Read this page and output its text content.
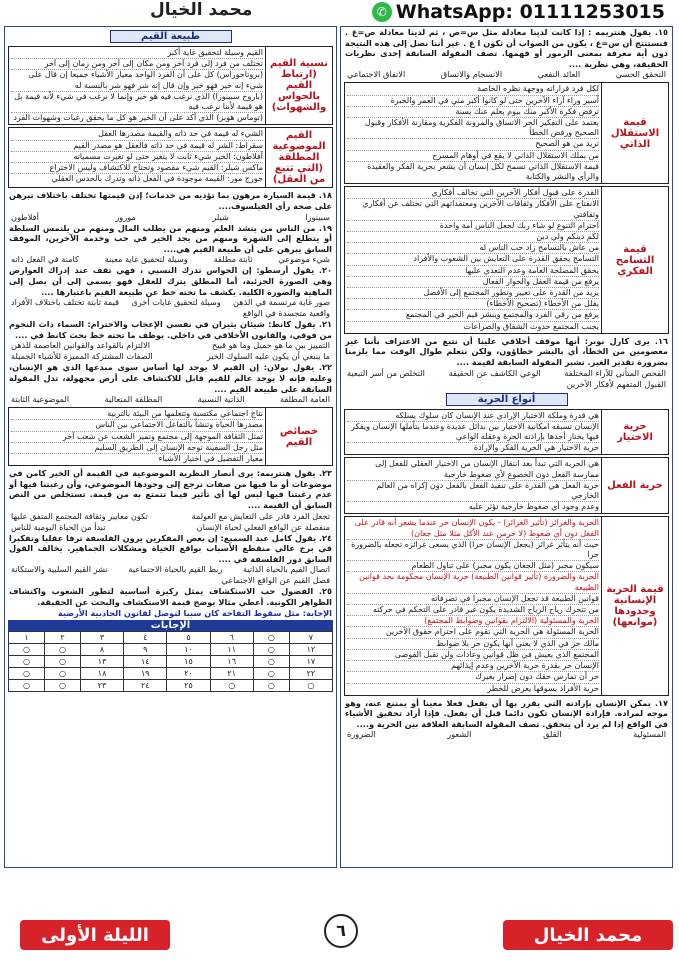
✆ WhatsApp: 01111253015
محمد الخيال

١٥. يقول هنتريمه : إذا كانت لدينا معادلة مثل س=ص ، ثم لدينا معادلة ص=ع . فنستنتج أن س=ع ، يكون من الصواب أن تكون ا ع . غير أننا نصل إلى هذه النتيجة دون أية معرفة بمعنى الرموز أو فهمها. تصف المقولة السابقة إحدى نظريات الحقيقة، وهي نظرية ....

التحقق الحسي
العائد النفعي
الانسجام والاتساق
الاتفاق الاجتماعي
قيمة الاستقلال الذاتي
لكل فرد قراراته ووجهة نظره الخاصة
أسير وراء آراء الآخرين حتى لو كانوا أكبر مني في العمر والخبرة
ترفض فكرة الأكبر منك بيوم يعلم عنك بسنة
يعتمد على التفكير الحر الاتساق والمرونة الفكرية ومقارنة الأفكار وقبول الصحيح ورفض الخطأ
تريد من هو الصحيح
من يملك الاستقلال الذاتي لا يقع في أوهام المسرح
قيمة الاستقلال الذاتي تسمح لكل إنسان أن يشعر بحرية الفكر والعقيدة والرأي والنشر والكتابة
قيمة التسامح الفكري
القدرة على قبول أفكار الآخرين التي تخالف أفكاري
الانفتاح على الأفكار وثقافات الآخرين ومعتقداتهم التي تختلف عن أفكاري وثقافتي
احترام التنوع لو شاء ربك لجعل الناس أمة واحدة
لكم دينكم ولي دين
من عاش بالتسامح زاد حب الناس له
التسامح يحقق القدرة على التعايش بين الشعوب والأفراد
يحقق المصلحة العامة وعدم التعدي عليها
يرفع من قيمة العقل والحوار الفعال
يزيد من القدرة على تغيير وتطور المجتمع إلى الأفضل
يقلل من الأخطاء (تصحيح الأخطاء)
يرفع من رقي الفرد والمجتمع وينشر قيم الخير في المجتمع
يجنب المجتمع حدوث الشقاق والصراعات

١٦. يرى كارل بوبر: أنها موقف أخلاقي علينا أن نتبع من الاعتراف بأننا غير معصومين من الخطأ، أي بالبشر خطاؤون، ولكن نتعلم طوال الوقت مما يلزمنا بضرورة تقدير الغير. تشير المقولة السابقة لقيمة ....

الفحص المتأني للآراء المختلفة
الوعي الكاشف عن الحقيقة
التخلص من أسر التبعية
القبول المتفهم لأفكار الآخرين
أنواع الحرية
حرية الاختيار
هي قدرة وملكة الاختيار الإرادي عند الإنسان كان سلوك يسلكه
الإنسان تسبقه امكانية الاختيار بين بدائل عديدة وعندما يتأملها الإنسان ويفكر فيها يختار أحدها بإرادته الحرة وعقله الواعي
حرية الاختيار هي الحرية الفكر والإرادة
حرية الفعل
هي الحرية التي تبدأ بعد انتقال الإنسان من الاختيار العقلي للفعل إلى ممارسة الفعل دون الخضوع لأي ضغوط خارجية
حرية الفعل هي القدرة على تنفيذ الفعل بالفعل دون إكراه من العالم الخارجي
وعدم وجود أي ضغوط خارجية تؤثر عليه
قيمة الحرية الإنسانية وحدودها (موانعها)
الحرية والغرائز (تأثير الغرائز) - يكون الإنسان حر عندما يشعر أنه قادر على الفعل دون أي ضغوط (لا حرمن عند الأكل مثلا مثل جعان)
حيث أنه يتأثر غرائز (يجعل الإنسان حرا) الذي يسعى غرائزه تجعله بالضرورة حرا
سيكون مجبر (مثل الجعان يكون مجبر) على تناول الطعام
الحرية والضرورة (تأثير قوانين الطبيعة) حرية الإنسان محكومة بحد قوانين الطبيعة
قوانين الطبيعة قد تجعل الإنسان مجبرا في تصرفاته
من تتحرك رياح الرياح الشديدة يكون غير قادر على التحكم في حركته
الحرية والمسئولية (الالتزام بقوانين وضوابط المجتمع)
الحرية المسئولة هي الحرية التي تقوم على احترام حقوق الآخرين
مالك حر في الذي لا يعني أنها يكون حر بلا ضوابط
المجتمع الذي يعيش في ظل قوانين وعادات ولن تقبل الفوضى
الإنسان حر بقدرة حرية الآخرين وعدم إيذائهم
حر أن تمارس حقك دون إضرار بغيرك
حرية الأفراد يسوقها يعرض للخطر

١٧. يمكن الإنسان بإرادته التي يقرر بها أن يفعل فعلا معينا أو يمتنع عنه، وهو موجه لمراده. فإرادة الإنسان تكون دائما قبل أن يفعل. فإذا أراد تحقيق الأشياء في الواقع إذا لم يرد أن يتحقق. تصف المقولة السابقة العلاقة بين الحرية و....

المسئولية
القلق
الشعور
الضرورة
طبيعة القيم
نسبية القيم (ارتباط القيم بالحواس والشهوات)
القيم وسيلة لتحقيق غاية أكبر
تختلف من فرد إلى فرد آخر ومن مكان إلى آخر ومن زمان إلى آخر
(بروتاجوراس) كل على أن الفرد الواحد معيار الأشياء جميعا إن قال على شيء إنه خير فهو خير وإن قال إنه شر فهو شر بالنسبة له
(باروخ سبينوزا) الذي نرغب فيه هو خير وإنما لا نرغب في شيء لأنه قيمة بل هو قيمة لأننا نرغب فيه
(توماس هوبز) الذي أكد على أن الخير هو كل ما يحقق رغبات وشهوات الفرد
القيم الموضوعية المطلقة (التي تتبع من العقل)
الشيء له قيمة في حد ذاته والقيمة مصدرها العقل
سقراط: الشر له قيمة في حد ذاته فالعقل هو مصدر القيم
أفلاطون: الخير شيء ثابت لا يتغير حتى لو تغيرت مسمياته
ماكس شيلر: القيم شيء مقصود وتحتاج للاكتشاف وليس الاختراع
جورج مور: القيمة موجودة في الفعل ذاته وتدرك بالحدس العقلي

١٨. قيمة السيارة مرهون بما تؤديه من خدمات؛ إذن قيمتها تختلف باختلاف تبرهن على صحة رأي الفيلسوف....

سبينوزا
شيلر
مورور
أفلاطون

١٩. من الناس من ينشد العلم ومنهم من يطلب المال ومنهم من يلتمس السلطة أو يتطلع إلى الشهرة ومنهم من يجد الخير في حب وخدمة الآخرين، الموقف السابق يبرهن على أن طبيعة القيم هي....

شيء موضوعي
ثابتة مطلقة
وسيلة لتحقيق غاية معينة
كامنة في الفعل ذاته

٢٠. يقول أرسطو: إن الحواس تدرك النسبي ، فهي تقف عند إدراك العوارض وهي الصورة الجزئية، أما المطلق يترك للعقل فهو يسمى إلى أن يصل إلى الماهية والصورة الكلية. يكشف ما تحته خط عن طبيعة القيم باعتبارها ....

صور غاية مرتسمة في الذهن
وسيلة لتحقيق غايات أخرى
قيمة ثابتة تختلف باختلاف الأفراد
واقعية متجسدة في الواقع

٢١. يقول كانط: شيئان يثيران في نفسي الإعجاب والاحترام: السماء ذات النجوم من فوقي، والقانون الأخلاقي في داخلي. يوظف ما تحته خط بحث كانط في ....

التمييز بين ما هو جميل وما هو قبيح
الالتزام بالقواعد والقوانين العاصمة للذهن
ما ينبغي أن يكون عليه السلوك الخير
الصفات المشتركة المميزة للأشياء الجميلة

٢٢. يقول بولان: إن القيم لا يوجد لها أساس سوى مبدعها الذي هو الإنسان، وعليه فإنه لا يوجد عالم للقيم قابل للاكتشاف على أرض مجهولة، تدل المقولة السابقة على طبيعة القيم ....

العامة المطلقة
الذاتية النسبية
المطلقة المتعالية
الموضوعية الثابتة
خصائص القيم
نتاج اجتماعي مكتسبة وتتعلمها من البيئة بالتربية
مصدرها الحياة وتنشأ بالتفاعل الاجتماعي بين الناس
تمثل الثقافة الموجهة إلى مجتمع وتميز الشعب عن شعب آخر
مثل رجل السفينة توجه الإنسان إلى الطريق السليم
معيار التفضيل في اختيار الأشياء

٢٣. يقول هنتريمه: يرى أنصار النظرية الموضوعية في القيمة أن الخير كامن في موضوعات أو ما فيها من صفات ترجع إلى وجودها الموضوعي، وأن رغبتنا فيها أو عدم رغبتنا فيها ليس لها أي تأثير فيما تتمتع به من قيمة. تستخلص من النص السابق أن القيمة ....

تجعل الفرد قادر على التعايش مع العولمة
تكون معايير وثقافة المجتمع المتفق عليها
منفصلة عن الواقع الفعلي لحياة الإنسان
تبدأ من الحياة اليومية للناس

٢٤. يقول كامل عبد السميع: إن بعض المفكرين يرون الفلسفة ترفا عقليا وتفكيرا في برج عالي منقطع الأسباب بواقع الحياة ومشكلات الجماهير. يخالف القول السابق دور الفلسفة في ....

اتصال القيم بالحياة الذاتية
ربط القيم بالحياة الاجتماعية
نشر القيم السلبية والاستكانة
فصل القيم عن الواقع الاجتماعي

٢٥. الفضول حب الاستكشاف يمثل ركيزة أساسية لتطور الشعوب واكتشاف الظواهر الكونية. أعطي مثالا يوضح قيمة الاستكشاف والبحث عن الحقيقة.

الإجابة: مثل سقوط التفاحة كان سببا لتوصل لقانون الجاذبية الأرضية

الإجابات
٧	○	٦	٥	٤	٣	٢	١
١٢	○	١١	١٠	٩	٨	○	○
١٧	○	١٦	١٥	١٤	١٣	○	○
٢٢	○	٢١	٢٠	١٩	١٨	○	○
○	○	○	٢٥	٢٤	٢٣	○	○
محمد الخيال
٦
الليلة الأولى
